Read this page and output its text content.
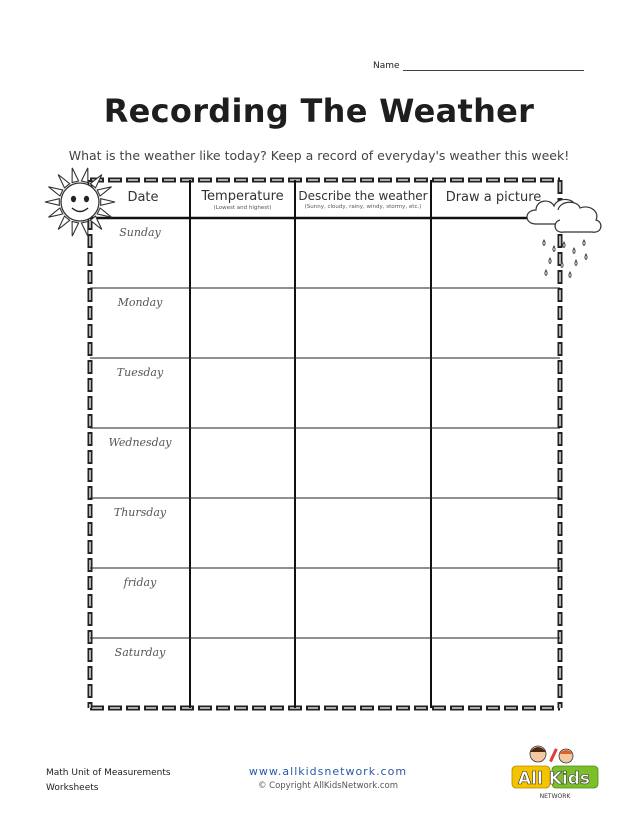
Name
Recording The Weather
What is the weather like today? Keep a record of everyday's weather this week!
Date	Temperature
(Lowest and highest)
Describe the weather
(Sunny, cloudy, rainy, windy, stormy, etc.)
Draw a picture
Sunday
Monday
Tuesday
Wednesday
Thursday
friday
Saturday
Math Unit of Measurements
Worksheets
www.allkidsnetwork.com
© Copyright AllKidsNetwork.com	All Kids
NETWORK
